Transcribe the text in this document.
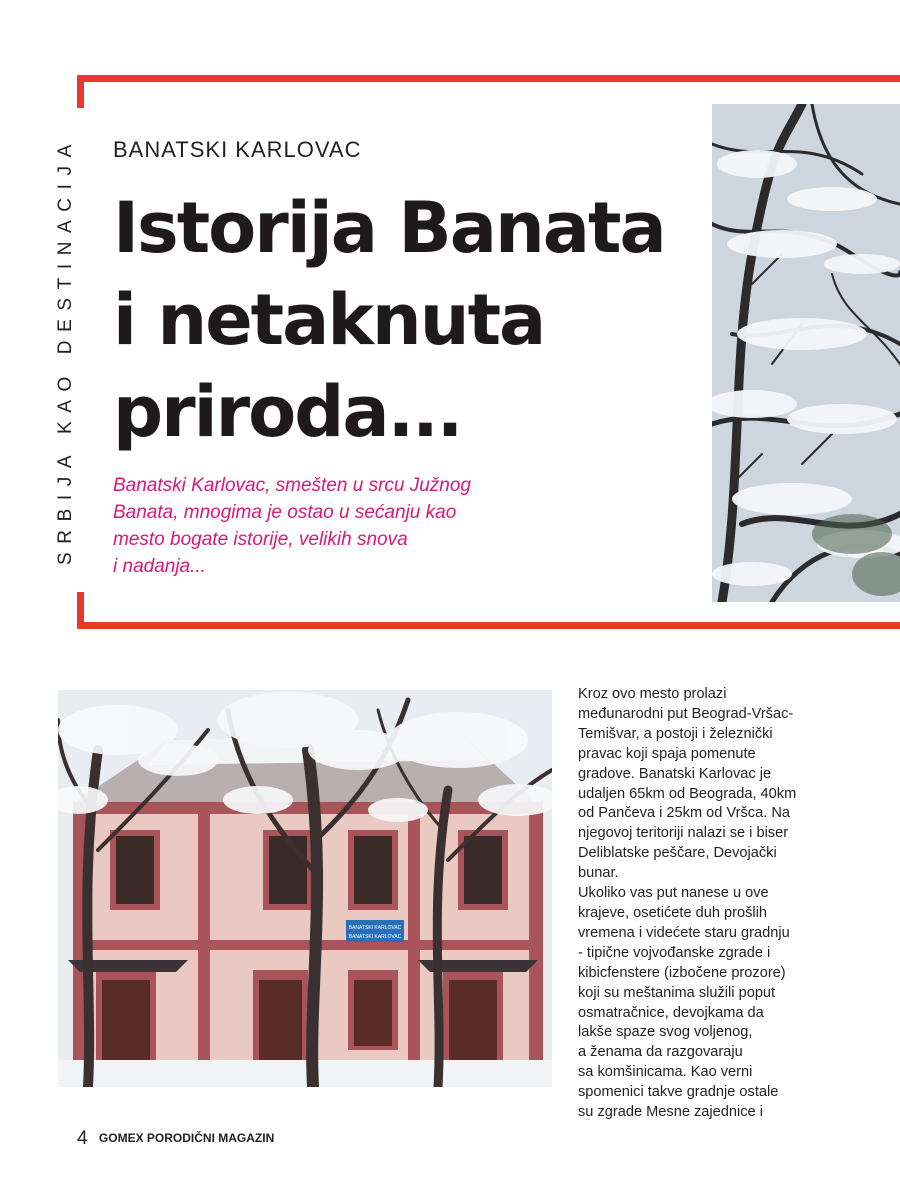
SRBIJA KAO DESTINACIJA BANATSKI KARLOVAC
Istorija Banata
i netaknuta
priroda...

Banatski Karlovac, smešten u srcu Južnog
Banata, mnogima je ostao u sećanju kao
mesto bogate istorije, velikih snova
i nadanja...

BANATSKI KARLOVAC
BANATSKI KARLOVAC

Kroz ovo mesto prolazi
međunarodni put Beograd-Vršac-
Temišvar, a postoji i železnički
pravac koji spaja pomenute
gradove. Banatski Karlovac je
udaljen 65km od Beograda, 40km
od Pančeva i 25km od Vršca. Na
njegovoj teritoriji nalazi se i biser
Deliblatske peščare, Devojački
bunar.
Ukoliko vas put nanese u ove
krajeve, osetićete duh prošlih
vremena i videćete staru gradnju
- tipične vojvođanske zgrade i
kibicfenstere (izbočene prozore)
koji su meštanima služili poput
osmatračnice, devojkama da
lakše spaze svog voljenog,
a ženama da razgovaraju
sa komšinicama. Kao verni
spomenici takve gradnje ostale
su zgrade Mesne zajednice i

4 GOMEX PORODIČNI MAGAZIN
